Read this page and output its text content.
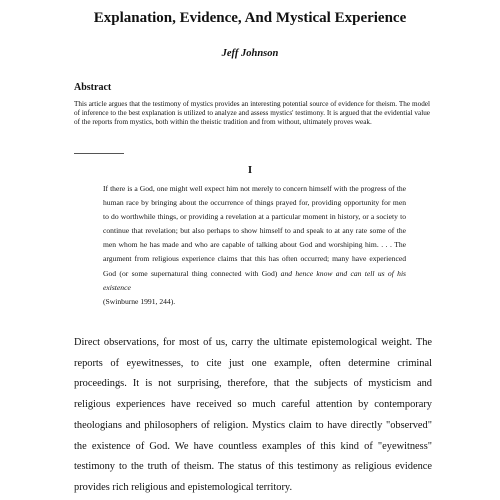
Explanation, Evidence, And Mystical Experience
Jeff Johnson
Abstract
This article argues that the testimony of mystics provides an interesting potential source of evidence for theism. The model of inference to the best explanation is utilized to analyze and assess mystics' testimony. It is argued that the evidential value of the reports from mystics, both within the theistic tradition and from without, ultimately proves weak.
I

If there is a God, one might well expect him not merely to concern himself with the progress of the human race by bringing about the occurrence of things prayed for, providing opportunity for men to do worthwhile things, or providing a revelation at a particular moment in history, or a society to continue that revelation; but also perhaps to show himself to and speak to at any rate some of the men whom he has made and who are capable of talking about God and worshiping him. . . . The argument from religious experience claims that this has often occurred; many have experienced God (or some supernatural thing connected with God) and hence know and can tell us of his existence
(Swinburne 1991, 244).

Direct observations, for most of us, carry the ultimate epistemological weight. The reports of eyewitnesses, to cite just one example, often determine criminal proceedings. It is not surprising, therefore, that the subjects of mysticism and religious experiences have received so much careful attention by contemporary theologians and philosophers of religion. Mystics claim to have directly "observed" the existence of God. We have countless examples of this kind of "eyewitness" testimony to the truth of theism. The status of this testimony as religious evidence provides rich religious and epistemological territory.
